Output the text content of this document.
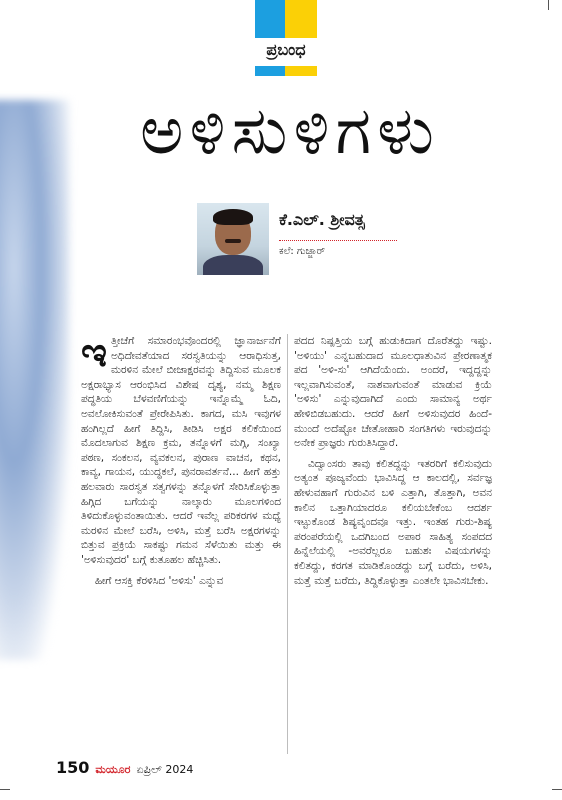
ಪ್ರಬಂಧ
ಅಳಿಸುಳಿಗಳು
ಕೆ.ಎಲ್. ಶ್ರೀವತ್ಸ
ಕಲೆ: ಗುಜ್ಜಾರ್

ಇತ್ತೀಚೆಗೆ ಸಮಾರಂಭವೊಂದರಲ್ಲಿ ಜ್ಞಾನಾರ್ಜನೆಗೆ ಅಧಿದೇವತೆಯಾದ ಸರಸ್ವತಿಯನ್ನು ಆರಾಧಿಸುತ್ತ, ಮರಳಿನ ಮೇಲೆ ಬೀಜಾಕ್ಷರವನ್ನು ತಿದ್ದಿಸುವ ಮೂಲಕ ಅಕ್ಷರಾಭ್ಯಾಸ ಆರಂಭಿಸಿದ ವಿಶೇಷ ದೃಶ್ಯ, ನಮ್ಮ ಶಿಕ್ಷಣ ಪದ್ಧತಿಯ ಬೆಳವಣಿಗೆಯನ್ನು ಇನ್ನೊಮ್ಮೆ ಓದಿ, ಅವಲೋಕಿಸುವಂತೆ ಪ್ರೇರೇಪಿಸಿತು. ಕಾಗದ, ಮಸಿ ಇವುಗಳ ಹಂಗಿಲ್ಲದೆ ಹೀಗೆ ತಿದ್ದಿಸಿ, ತೀಡಿಸಿ ಅಕ್ಷರ ಕಲಿಕೆಯಿಂದ ಮೊದಲಾಗುವ ಶಿಕ್ಷಣ ಕ್ರಮ, ತನ್ನೊಳಗೆ ಮಗ್ಗಿ, ಸಂಖ್ಯಾ ಪಠಣ, ಸಂಕಲನ, ವ್ಯವಕಲನ, ಪುರಾಣ ವಾಚನ, ಕಥನ, ಕಾವ್ಯ, ಗಾಯನ, ಯುದ್ಧಕಲೆ, ಪುನರಾವರ್ತನೆ... ಹೀಗೆ ಹತ್ತು ಹಲವಾರು ಸಾರಸ್ವತ ಸತ್ವಗಳನ್ನು ತನ್ನೊಳಗೆ ಸೇರಿಸಿಕೊಳ್ಳುತ್ತಾ ಹಿಗ್ಗಿದ ಬಗೆಯನ್ನು ನಾಲ್ಕಾರು ಮೂಲಗಳಿಂದ ತಿಳಿದುಕೊಳ್ಳುವಂತಾಯಿತು. ಆದರೆ ಇವೆಲ್ಲ ಪರಿಕರಗಳ ಮಧ್ಯೆ ಮರಳಿನ ಮೇಲೆ ಬರೆಸಿ, ಅಳಿಸಿ, ಮತ್ತೆ ಬರೆಸಿ ಅಕ್ಷರಗಳನ್ನು ಬಿತ್ತುವ ಪ್ರಕ್ರಿಯೆ ಸಾಕಷ್ಟು ಗಮನ ಸೆಳೆಯಿತು ಮತ್ತು ಈ 'ಅಳಿಸುವುದರ' ಬಗ್ಗೆ ಕುತೂಹಲ ಹೆಚ್ಚಿಸಿತು.

ಹೀಗೆ ಆಸಕ್ತಿ ಕೆರಳಿಸಿದ 'ಅಳಿಸು' ಎನ್ನುವ

ಪದದ ನಿಷ್ಪತ್ತಿಯ ಬಗ್ಗೆ ಹುಡುಕಿದಾಗ ದೊರೆತದ್ದು ಇಷ್ಟು. 'ಅಳಿಯು' ಎನ್ನಬಹುದಾದ ಮೂಲಧಾತುವಿನ ಪ್ರೇರಣಾತ್ಮಕ ಪದ 'ಅಳಿ-ಸು' ಆಗಿದೆಯೆಂದು. ಅಂದರೆ, ಇದ್ದದ್ದನ್ನು ಇಲ್ಲವಾಗಿಸುವಂತೆ, ನಾಶವಾಗುವಂತೆ ಮಾಡುವ ಕ್ರಿಯೆ 'ಅಳಿಸು' ಎನ್ನುವುದಾಗಿದೆ ಎಂದು ಸಾಮಾನ್ಯ ಅರ್ಥ ಹೇಳಿಬಿಡಬಹುದು. ಆದರೆ ಹೀಗೆ ಅಳಿಸುವುದರ ಹಿಂದೆ-ಮುಂದೆ ಅದೆಷ್ಟೋ ಚೇತೋಹಾರಿ ಸಂಗತಿಗಳು ಇರುವುದನ್ನು ಅನೇಕ ಪ್ರಾಜ್ಞರು ಗುರುತಿಸಿದ್ದಾರೆ.

ವಿದ್ವಾಂಸರು ತಾವು ಕಲಿತದ್ದನ್ನು ಇತರರಿಗೆ ಕಲಿಸುವುದು ಅತ್ಯಂತ ಪೂಜ್ಯವೆಂದು ಭಾವಿಸಿದ್ದ ಆ ಕಾಲದಲ್ಲಿ, ಸರ್ವಜ್ಞ ಹೇಳುವಹಾಗೆ ಗುರುವಿನ ಬಳಿ ಎತ್ತಾಗಿ, ತೊತ್ತಾಗಿ, ಅವನ ಕಾಲಿನ ಒತ್ತಾಗಿಯಾದರೂ ಕಲಿಯಬೇಕೆಂಬ ಆದರ್ಶ ಇಟ್ಟುಕೊಂಡ ಶಿಷ್ಯವೃಂದವೂ ಇತ್ತು. ಇಂತಹ ಗುರು-ಶಿಷ್ಯ ಪರಂಪರೆಯಲ್ಲಿ ಒದಗಿಬಂದ ಅಪಾರ ಸಾಹಿತ್ಯ ಸಂಪದದ ಹಿನ್ನೆಲೆಯಲ್ಲಿ -ಅವರೆಲ್ಲರೂ ಬಹುಶಃ ವಿಷಯಗಳನ್ನು ಕಲಿತದ್ದು, ಕರಗತ ಮಾಡಿಕೊಂಡದ್ದು ಬಗ್ಗೆ ಬರೆದು, ಅಳಿಸಿ, ಮತ್ತೆ ಮತ್ತೆ ಬರೆದು, ತಿದ್ದಿಕೊಳ್ಳುತ್ತಾ ಎಂತಲೇ ಭಾವಿಸಬೇಕು.

150 ಮಯೂರ ಏಪ್ರಿಲ್ 2024
